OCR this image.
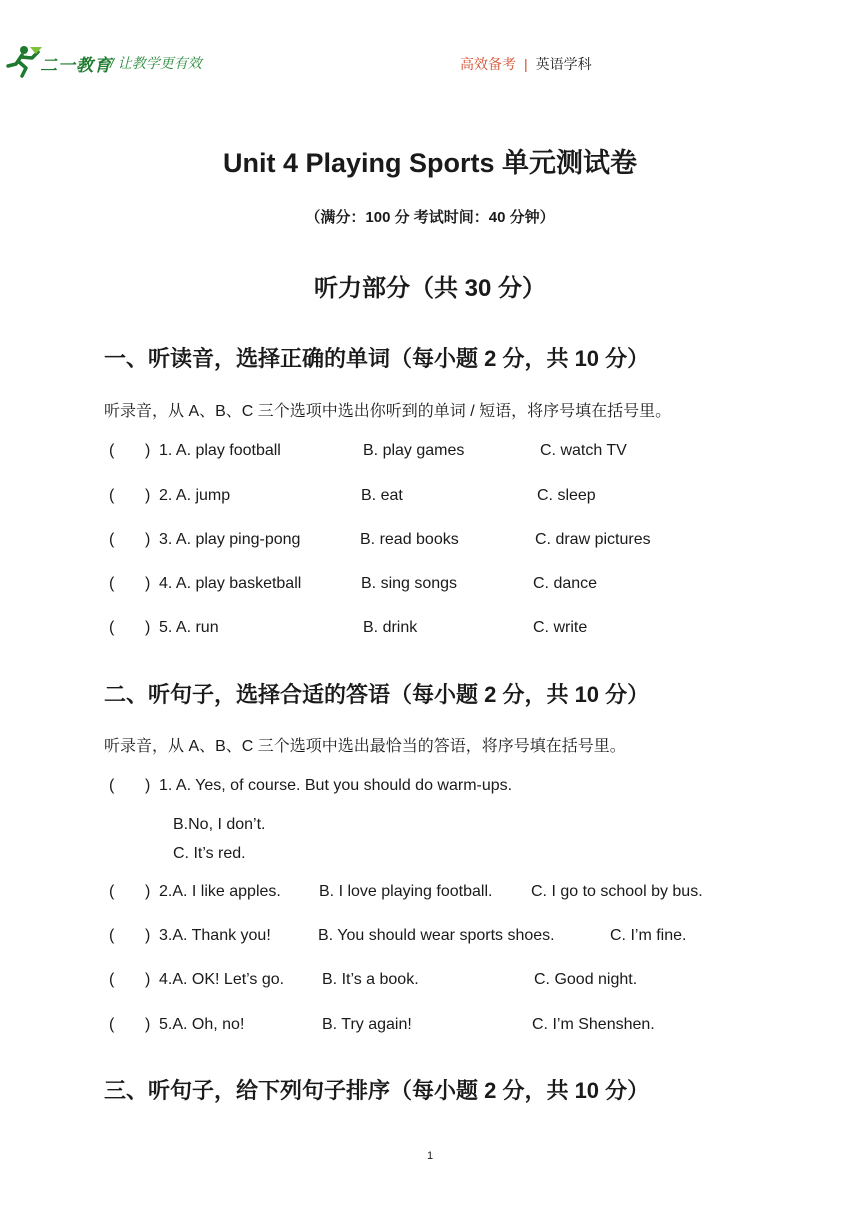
二一教育
/ 让教学更有效	高效备考 | 英语学科
Unit 4 Playing Sports 单元测试卷
（满分：100 分 考试时间：40 分钟）
听力部分（共 30 分）
一、听读音，选择正确的单词（每小题 2 分，共 10 分）
听录音，从 A、B、C 三个选项中选出你听到的单词 / 短语，将序号填在括号里。
( ) 1. A. play football	B. play games	C. watch TV
( ) 2. A. jump	B. eat	C. sleep
( ) 3. A. play ping-pong	B. read books	C. draw pictures
( ) 4. A. play basketball	B. sing songs	C. dance
( ) 5. A. run	B. drink	C. write
二、听句子，选择合适的答语（每小题 2 分，共 10 分）
听录音，从 A、B、C 三个选项中选出最恰当的答语，将序号填在括号里。
( ) 1. A. Yes, of course. But you should do warm-ups.
B.No, I don’t.
C. It’s red.
( ) 2.A. I like apples. B. I love playing football. C. I go to school by bus.
( ) 3.A. Thank you!	B. You should wear sports shoes.	C. I’m fine.
( ) 4.A. OK! Let’s go. B. It’s a book.	C. Good night.
( ) 5.A. Oh, no!	B. Try again!	C. I’m Shenshen.
三、听句子，给下列句子排序（每小题 2 分，共 10 分）
1
